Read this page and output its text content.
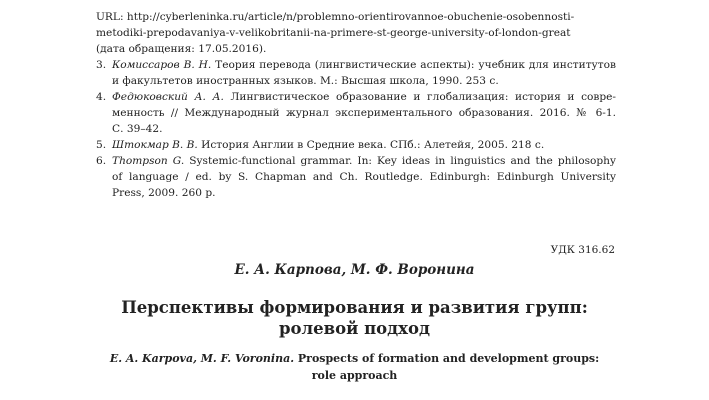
URL: http://cyberleninka.ru/article/n/problemno-orientirovannoe-obuchenie-osobennosti-
metodiki-prepodavaniya-v-velikobritanii-na-primere-st-george-university-of-london-great
(дата обращения: 17.05.2016).
3. Комиссаров В. Н. Теория перевода (лингвистические аспекты): учебник для институтов
и факультетов иностранных языков. М.: Высшая школа, 1990. 253 с.
4. Федюковский А. А. Лингвистическое образование и глобализация: история и совре-
менность // Международный журнал экспериментального образования. 2016. № 6-1.
С. 39–42.
5. Штокмар В. В. История Англии в Средние века. СПб.: Алетейя, 2005. 218 с.
6. Thompson G. Systemic-functional grammar. In: Key ideas in linguistics and the philosophy
of language / ed. by S. Chapman and Ch. Routledge. Edinburgh: Edinburgh University
Press, 2009. 260 p.
УДК 316.62
Е. А. Карпова, М. Ф. Воронина
Перспективы формирования и развития групп:
ролевой подход
E. A. Karpova, M. F. Voronina. Prospects of formation and development groups:
role approach
